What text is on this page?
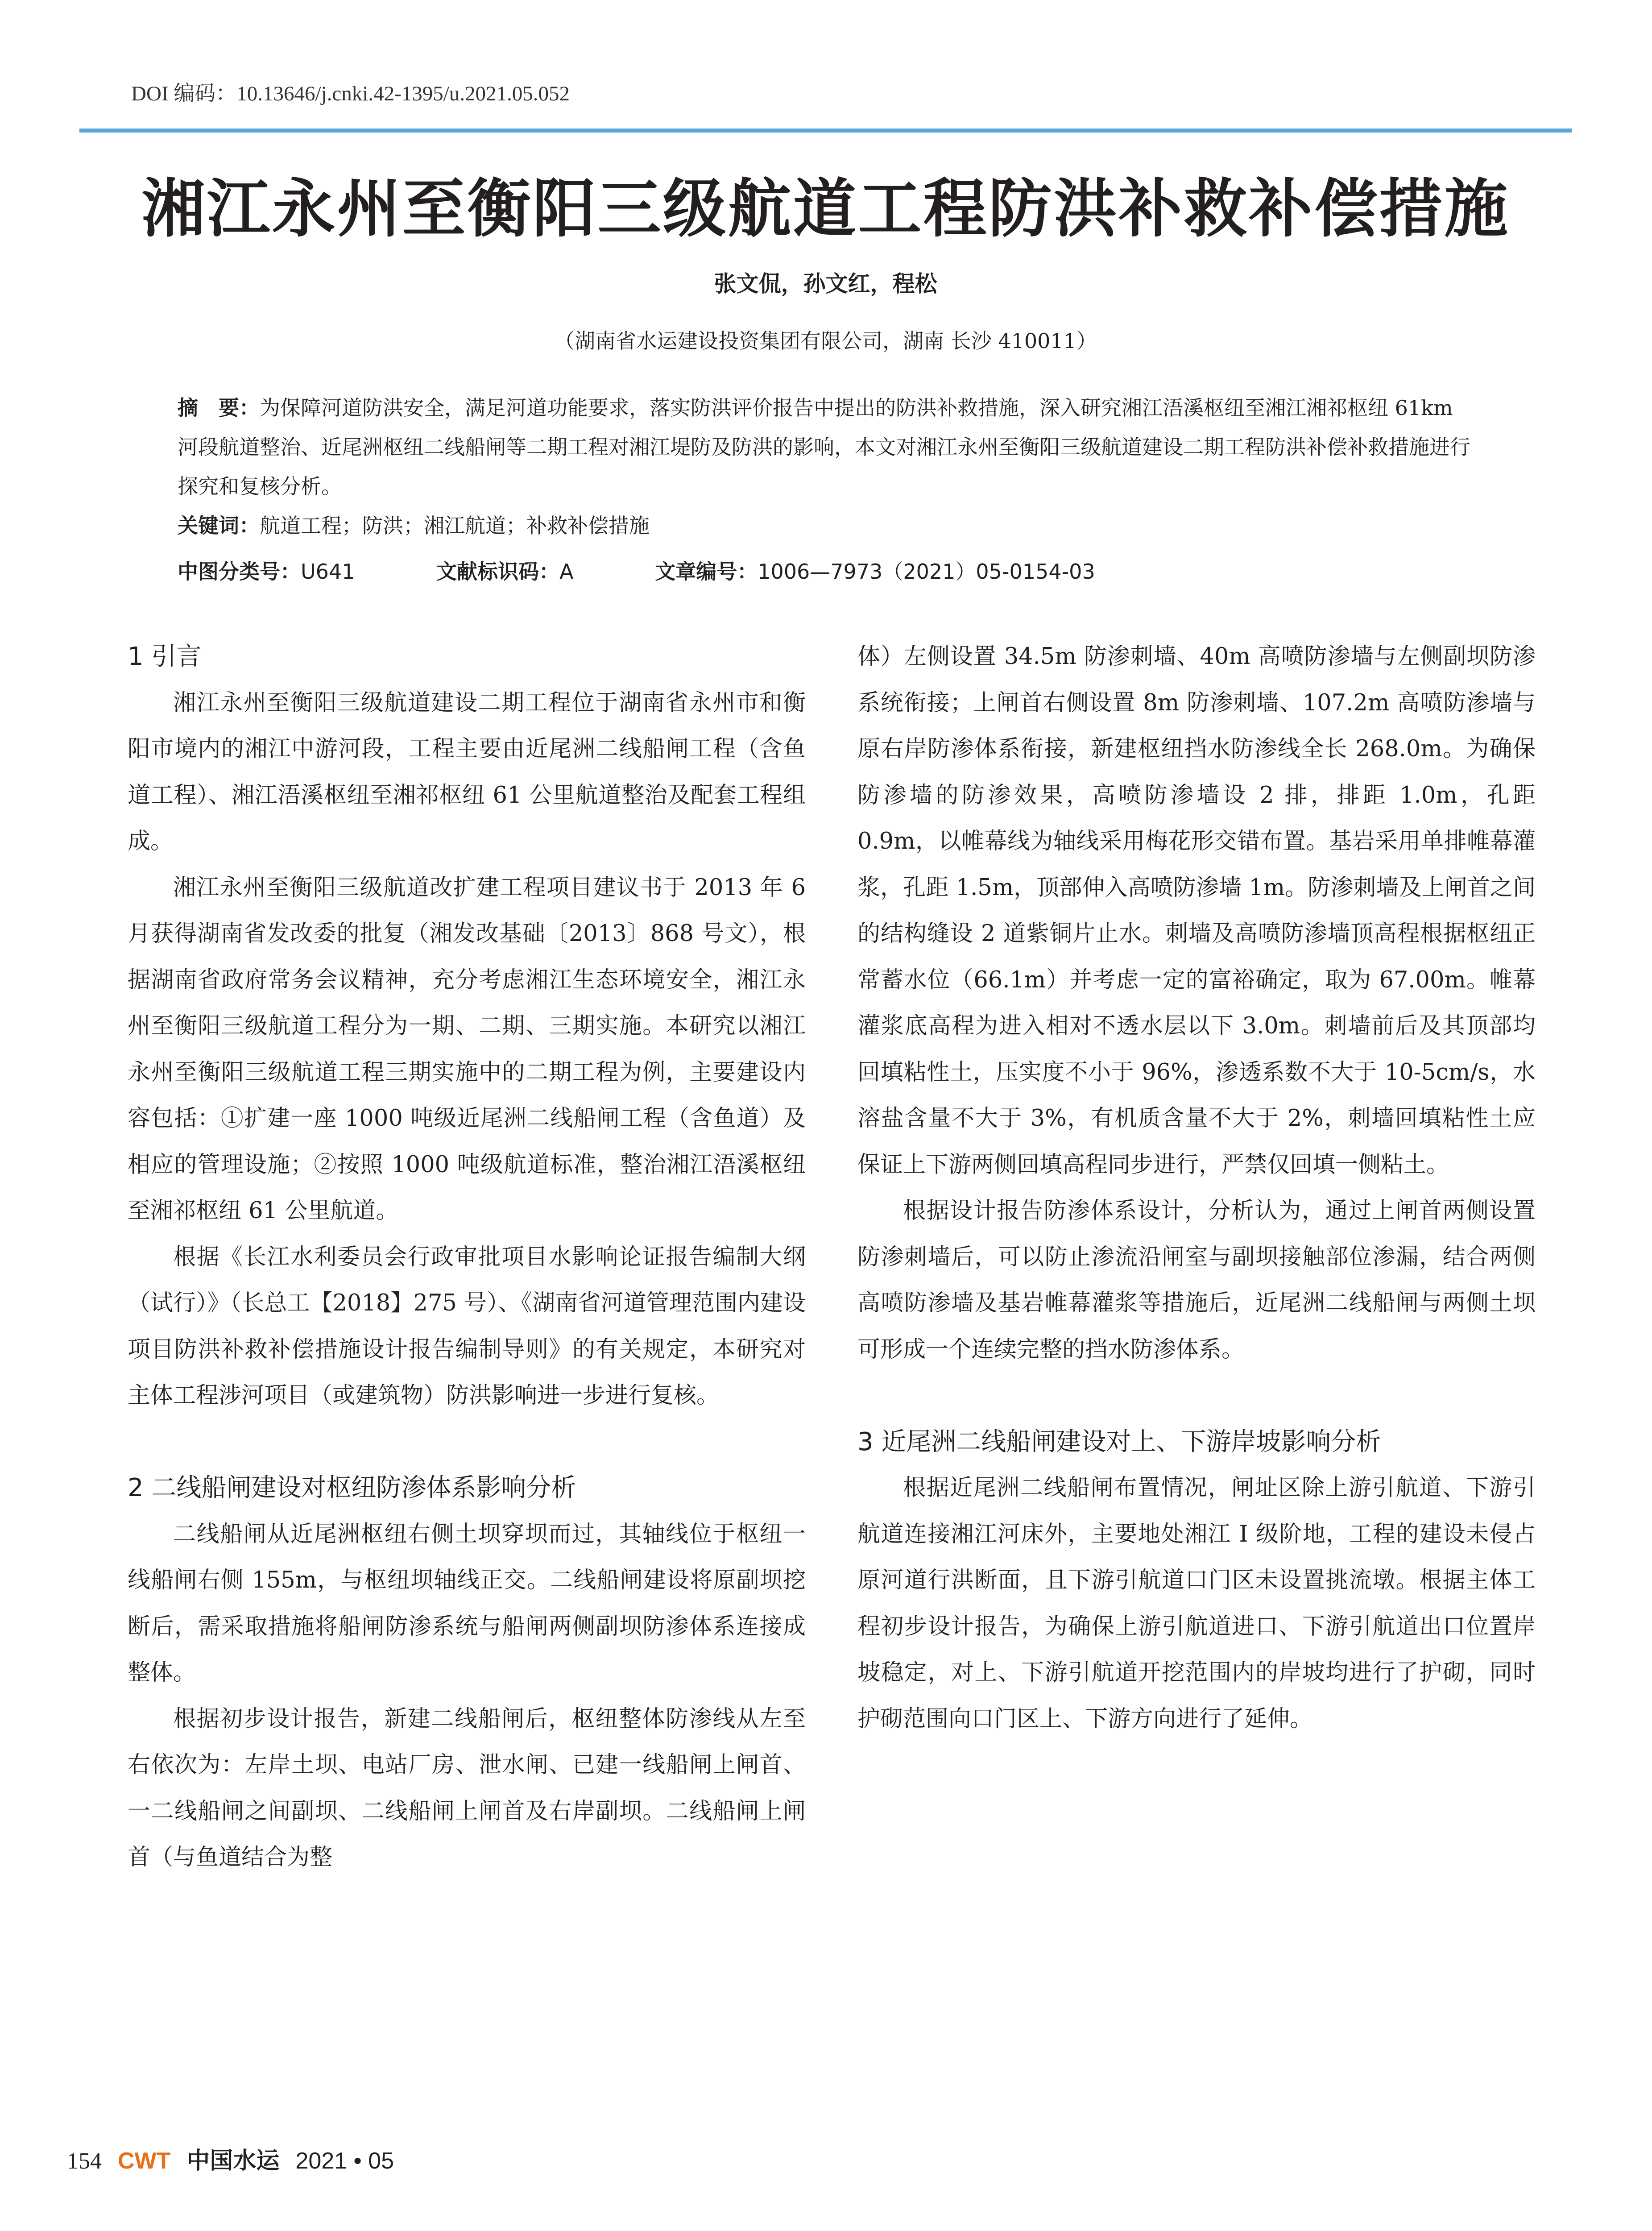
DOI 编码：10.13646/j.cnki.42-1395/u.2021.05.052
湘江永州至衡阳三级航道工程防洪补救补偿措施
张文侃，孙文红，程松
（湖南省水运建设投资集团有限公司，湖南 长沙 410011）

摘　要：为保障河道防洪安全，满足河道功能要求，落实防洪评价报告中提出的防洪补救措施，深入研究湘江浯溪枢纽至湘江湘祁枢纽 61km 河段航道整治、近尾洲枢纽二线船闸等二期工程对湘江堤防及防洪的影响，本文对湘江永州至衡阳三级航道建设二期工程防洪补偿补救措施进行探究和复核分析。

关键词：航道工程；防洪；湘江航道；补救补偿措施

中图分类号：U641	文献标识码：A	文章编号：1006—7973（2021）05-0154-03
1 引言

湘江永州至衡阳三级航道建设二期工程位于湖南省永州市和衡阳市境内的湘江中游河段，工程主要由近尾洲二线船闸工程（含鱼道工程）、湘江浯溪枢纽至湘祁枢纽 61 公里航道整治及配套工程组成。

湘江永州至衡阳三级航道改扩建工程项目建议书于 2013 年 6 月获得湖南省发改委的批复（湘发改基础〔2013〕868 号文），根据湖南省政府常务会议精神，充分考虑湘江生态环境安全，湘江永州至衡阳三级航道工程分为一期、二期、三期实施。本研究以湘江永州至衡阳三级航道工程三期实施中的二期工程为例，主要建设内容包括：①扩建一座 1000 吨级近尾洲二线船闸工程（含鱼道）及相应的管理设施；②按照 1000 吨级航道标准，整治湘江浯溪枢纽至湘祁枢纽 61 公里航道。

根据《长江水利委员会行政审批项目水影响论证报告编制大纲（试行）》（长总工【2018】275 号）、《湖南省河道管理范围内建设项目防洪补救补偿措施设计报告编制导则》的有关规定，本研究对主体工程涉河项目（或建筑物）防洪影响进一步进行复核。

2 二线船闸建设对枢纽防渗体系影响分析

二线船闸从近尾洲枢纽右侧土坝穿坝而过，其轴线位于枢纽一线船闸右侧 155m，与枢纽坝轴线正交。二线船闸建设将原副坝挖断后，需采取措施将船闸防渗系统与船闸两侧副坝防渗体系连接成整体。

根据初步设计报告，新建二线船闸后，枢纽整体防渗线从左至右依次为：左岸土坝、电站厂房、泄水闸、已建一线船闸上闸首、一二线船闸之间副坝、二线船闸上闸首及右岸副坝。二线船闸上闸首（与鱼道结合为整

体）左侧设置 34.5m 防渗刺墙、40m 高喷防渗墙与左侧副坝防渗系统衔接；上闸首右侧设置 8m 防渗刺墙、107.2m 高喷防渗墙与原右岸防渗体系衔接，新建枢纽挡水防渗线全长 268.0m。为确保防渗墙的防渗效果，高喷防渗墙设 2 排，排距 1.0m，孔距 0.9m，以帷幕线为轴线采用梅花形交错布置。基岩采用单排帷幕灌浆，孔距 1.5m，顶部伸入高喷防渗墙 1m。防渗刺墙及上闸首之间的结构缝设 2 道紫铜片止水。刺墙及高喷防渗墙顶高程根据枢纽正常蓄水位（66.1m）并考虑一定的富裕确定，取为 67.00m。帷幕灌浆底高程为进入相对不透水层以下 3.0m。刺墙前后及其顶部均回填粘性土，压实度不小于 96%，渗透系数不大于 10-5cm/s，水溶盐含量不大于 3%，有机质含量不大于 2%，刺墙回填粘性土应保证上下游两侧回填高程同步进行，严禁仅回填一侧粘土。

根据设计报告防渗体系设计，分析认为，通过上闸首两侧设置防渗刺墙后，可以防止渗流沿闸室与副坝接触部位渗漏，结合两侧高喷防渗墙及基岩帷幕灌浆等措施后，近尾洲二线船闸与两侧土坝可形成一个连续完整的挡水防渗体系。

3 近尾洲二线船闸建设对上、下游岸坡影响分析

根据近尾洲二线船闸布置情况，闸址区除上游引航道、下游引航道连接湘江河床外，主要地处湘江 I 级阶地，工程的建设未侵占原河道行洪断面，且下游引航道口门区未设置挑流墩。根据主体工程初步设计报告，为确保上游引航道进口、下游引航道出口位置岸坡稳定，对上、下游引航道开挖范围内的岸坡均进行了护砌，同时护砌范围向口门区上、下游方向进行了延伸。

154 CWT 中国水运 2021 • 05
